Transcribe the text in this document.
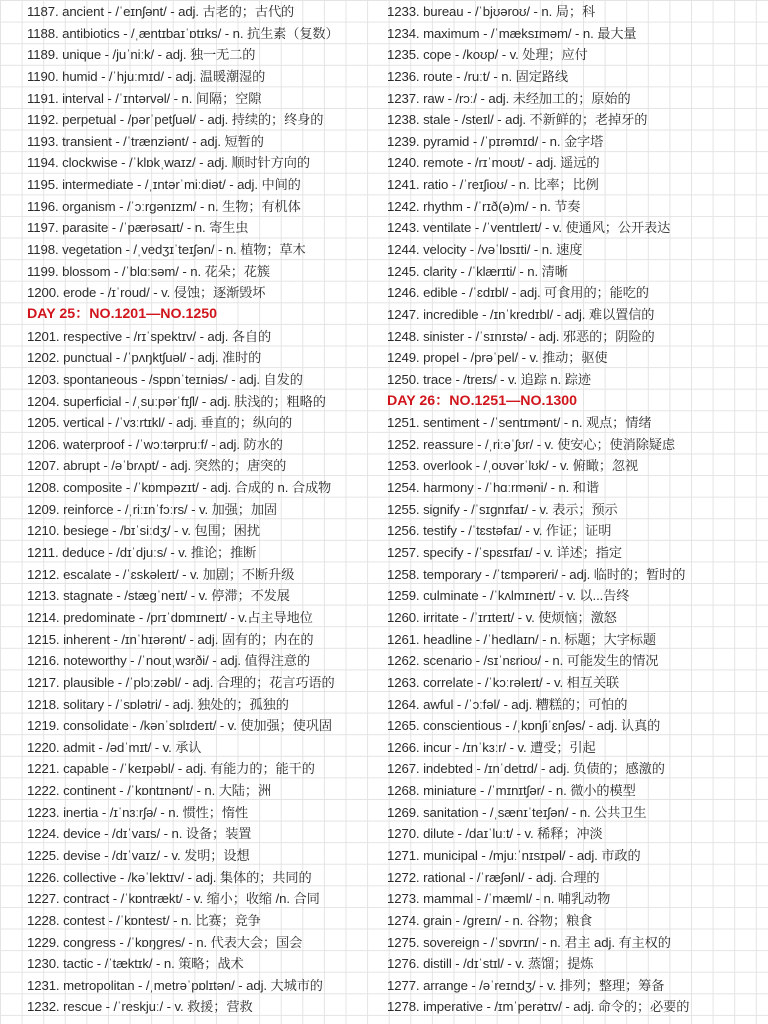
1187. ancient - /ˈeɪnʃənt/ - adj. 古老的；古代的
1188. antibiotics - /ˌæntɪbaɪˈɒtɪks/ - n. 抗生素（复数）
1189. unique - /juˈniːk/ - adj. 独一无二的
1190. humid - /ˈhjuːmɪd/ - adj. 温暖潮湿的
1191. interval - /ˈɪntərvəl/ - n. 间隔；空隙
1192. perpetual - /pərˈpetʃuəl/ - adj. 持续的；终身的
1193. transient - /ˈtrænziənt/ - adj. 短暂的
1194. clockwise - /ˈklɒkˌwaɪz/ - adj. 顺时针方向的
1195. intermediate - /ˌɪntərˈmiːdiət/ - adj. 中间的
1196. organism - /ˈɔːrɡənɪzm/ - n. 生物；有机体
1197. parasite - /ˈpærəsaɪt/ - n. 寄生虫
1198. vegetation - /ˌvedʒɪˈteɪʃən/ - n. 植物；草木
1199. blossom - /ˈblɑːsəm/ - n. 花朵；花簇
1200. erode - /ɪˈroud/ - v. 侵蚀；逐渐毁坏
DAY 25：NO.1201—NO.1250
1201. respective - /rɪˈspektɪv/ - adj. 各自的
1202. punctual - /ˈpʌŋktʃuəl/ - adj. 准时的
1203. spontaneous - /spɒnˈteɪniəs/ - adj. 自发的
1204. superficial - /ˌsuːpərˈfɪʃl/ - adj. 肤浅的；粗略的
1205. vertical - /ˈvɜːrtɪkl/ - adj. 垂直的；纵向的
1206. waterproof - /ˈwɔːtərpruːf/ - adj. 防水的
1207. abrupt - /əˈbrʌpt/ - adj. 突然的；唐突的
1208. composite - /ˈkɒmpəzɪt/ - adj. 合成的 n. 合成物
1209. reinforce - /ˌriːɪnˈfɔːrs/ - v. 加强；加固
1210. besiege - /bɪˈsiːdʒ/ - v. 包围；困扰
1211. deduce - /dɪˈdjuːs/ - v. 推论；推断
1212. escalate - /ˈɛskəleɪt/ - v. 加剧；不断升级
1213. stagnate - /stæɡˈneɪt/ - v. 停滞；不发展
1214. predominate - /prɪˈdɒmɪneɪt/ - v.占主导地位
1215. inherent - /ɪnˈhɪərənt/ - adj. 固有的；内在的
1216. noteworthy - /ˈnoutˌwɜrði/ - adj. 值得注意的
1217. plausible - /ˈplɔːzəbl/ - adj. 合理的；花言巧语的
1218. solitary - /ˈsɒlətri/ - adj. 独处的；孤独的
1219. consolidate - /kənˈsɒlɪdeɪt/ - v. 使加强；使巩固
1220. admit - /ədˈmɪt/ - v. 承认
1221. capable - /ˈkeɪpəbl/ - adj. 有能力的；能干的
1222. continent - /ˈkɒntɪnənt/ - n. 大陆；洲
1223. inertia - /ɪˈnɜːrʃə/ - n. 惯性；惰性
1224. device - /dɪˈvaɪs/ - n. 设备；装置
1225. devise - /dɪˈvaɪz/ - v. 发明；设想
1226. collective - /kəˈlektɪv/ - adj. 集体的；共同的
1227. contract - /ˈkɒntrækt/ - v. 缩小；收缩 /n. 合同
1228. contest - /ˈkɒntest/ - n. 比赛；竞争
1229. congress - /ˈkɒŋɡres/ - n. 代表大会；国会
1230. tactic - /ˈtæktɪk/ - n. 策略；战术
1231. metropolitan - /ˌmetrəˈpɒlɪtən/ - adj. 大城市的
1232. rescue - /ˈreskjuː/ - v. 救援；营救
1233. bureau - /ˈbjʊəroʊ/ - n. 局；科
1234. maximum - /ˈmæksɪməm/ - n. 最大量
1235. cope - /koʊp/ - v. 处理；应付
1236. route - /ruːt/ - n. 固定路线
1237. raw - /rɔː/ - adj. 未经加工的；原始的
1238. stale - /steɪl/ - adj. 不新鲜的；老掉牙的
1239. pyramid - /ˈpɪrəmɪd/ - n. 金字塔
1240. remote - /rɪˈmoʊt/ - adj. 遥远的
1241. ratio - /ˈreɪʃioʊ/ - n. 比率；比例
1242. rhythm - /ˈrɪð(ə)m/ - n. 节奏
1243. ventilate - /ˈventɪleɪt/ - v. 使通风；公开表达
1244. velocity - /vəˈlɒsɪti/ - n. 速度
1245. clarity - /ˈklærɪti/ - n. 清晰
1246. edible - /ˈɛdɪbl/ - adj. 可食用的；能吃的
1247. incredible - /ɪnˈkredɪbl/ - adj. 难以置信的
1248. sinister - /ˈsɪnɪstə/ - adj. 邪恶的；阴险的
1249. propel - /prəˈpel/ - v. 推动；驱使
1250. trace - /treɪs/ - v. 追踪 n. 踪迹
DAY 26：NO.1251—NO.1300
1251. sentiment - /ˈsentɪmənt/ - n. 观点；情绪
1252. reassure - /ˌriːəˈʃʊr/ - v. 使安心；使消除疑虑
1253. overlook - /ˌoʊvərˈlʊk/ - v. 俯瞰；忽视
1254. harmony - /ˈhɑːrməni/ - n. 和谐
1255. signify - /ˈsɪɡnɪfaɪ/ - v. 表示；预示
1256. testify - /ˈtɛstəfaɪ/ - v. 作证；证明
1257. specify - /ˈspɛsɪfaɪ/ - v. 详述；指定
1258. temporary - /ˈtɛmpəreri/ - adj. 临时的；暂时的
1259. culminate - /ˈkʌlmɪneɪt/ - v. 以...告终
1260. irritate - /ˈɪrɪteɪt/ - v. 使烦恼；激怒
1261. headline - /ˈhedlaɪn/ - n. 标题；大字标题
1262. scenario - /sɪˈnɛrioʊ/ - n. 可能发生的情况
1263. correlate - /ˈkɔːrəleɪt/ - v. 相互关联
1264. awful - /ˈɔːfəl/ - adj. 糟糕的；可怕的
1265. conscientious - /ˌkɒnʃiˈɛnʃəs/ - adj. 认真的
1266. incur - /ɪnˈkɜːr/ - v. 遭受；引起
1267. indebted - /ɪnˈdetɪd/ - adj. 负债的；感激的
1268. miniature - /ˈmɪnɪtʃər/ - n. 微小的模型
1269. sanitation - /ˌsænɪˈteɪʃən/ - n. 公共卫生
1270. dilute - /daɪˈluːt/ - v. 稀释；冲淡
1271. municipal - /mjuːˈnɪsɪpəl/ - adj. 市政的
1272. rational - /ˈræʃənl/ - adj. 合理的
1273. mammal - /ˈmæml/ - n. 哺乳动物
1274. grain - /ɡreɪn/ - n. 谷物；粮食
1275. sovereign - /ˈsɒvrɪn/ - n. 君主 adj. 有主权的
1276. distill - /dɪˈstɪl/ - v. 蒸馏；提炼
1277. arrange - /əˈreɪndʒ/ - v. 排列；整理；筹备
1278. imperative - /ɪmˈperətɪv/ - adj. 命令的；必要的
